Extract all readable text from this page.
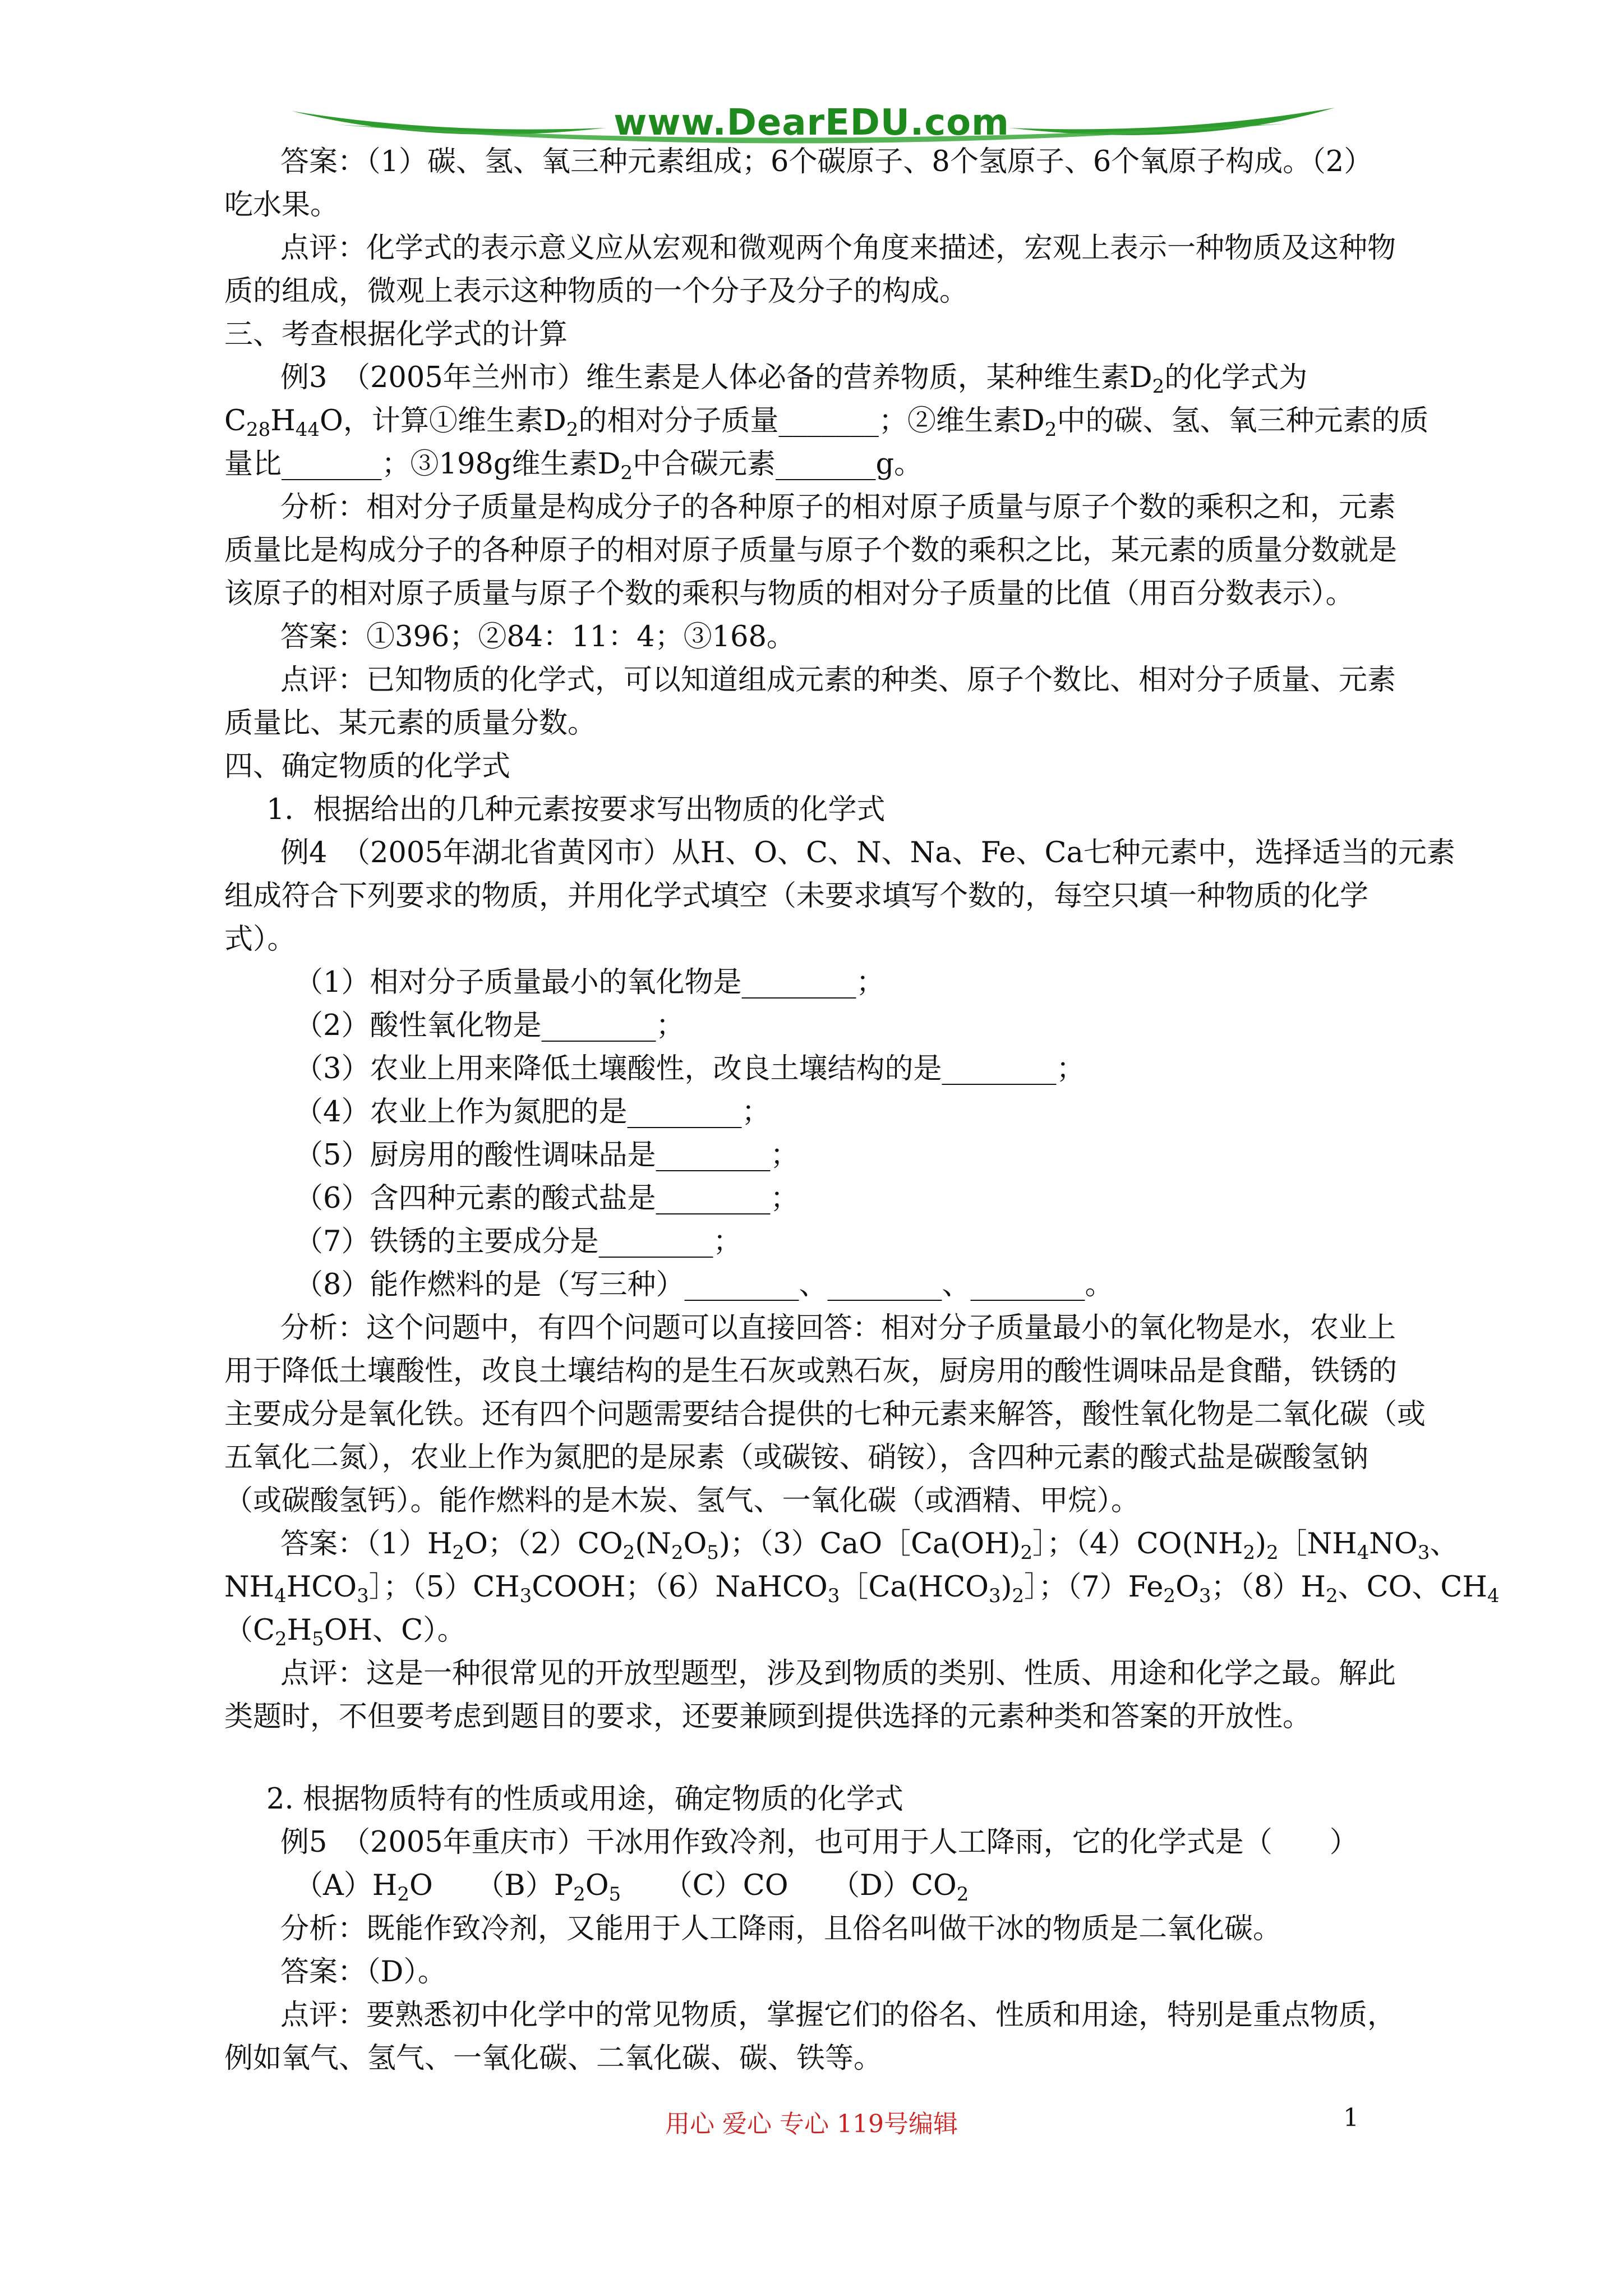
www.DearEDU.com

答案：（1）碳、氢、氧三种元素组成；6个碳原子、8个氢原子、6个氧原子构成。（2）

吃水果。

点评：化学式的表示意义应从宏观和微观两个角度来描述，宏观上表示一种物质及这种物

质的组成，微观上表示这种物质的一个分子及分子的构成。

三、考查根据化学式的计算

例3　（2005年兰州市）维生素是人体必备的营养物质，某种维生素$D_2$的化学式为

$C_{28}H_{44}O$，计算①维生素$D_2$的相对分子质量_______；②维生素$D_2$中的碳、氢、氧三种元素的质

量比_______；③198g维生素$D_2$中合碳元素_______g。

分析：相对分子质量是构成分子的各种原子的相对原子质量与原子个数的乘积之和，元素

质量比是构成分子的各种原子的相对原子质量与原子个数的乘积之比，某元素的质量分数就是

该原子的相对原子质量与原子个数的乘积与物质的相对分子质量的比值（用百分数表示）。

答案：①396；②84：11：4；③168。

点评：已知物质的化学式，可以知道组成元素的种类、原子个数比、相对分子质量、元素

质量比、某元素的质量分数。

四、确定物质的化学式

1．根据给出的几种元素按要求写出物质的化学式

例4　（2005年湖北省黄冈市）从H、O、C、N、Na、Fe、Ca七种元素中，选择适当的元素

组成符合下列要求的物质，并用化学式填空（未要求填写个数的，每空只填一种物质的化学

式）。

（1）相对分子质量最小的氧化物是________；

（2）酸性氧化物是________；

（3）农业上用来降低土壤酸性，改良土壤结构的是________；

（4）农业上作为氮肥的是________；

（5）厨房用的酸性调味品是________；

（6）含四种元素的酸式盐是________；

（7）铁锈的主要成分是________；

（8）能作燃料的是（写三种）________、________、________。

分析：这个问题中，有四个问题可以直接回答：相对分子质量最小的氧化物是水，农业上

用于降低土壤酸性，改良土壤结构的是生石灰或熟石灰，厨房用的酸性调味品是食醋，铁锈的

主要成分是氧化铁。还有四个问题需要结合提供的七种元素来解答，酸性氧化物是二氧化碳（或

五氧化二氮），农业上作为氮肥的是尿素（或碳铵、硝铵），含四种元素的酸式盐是碳酸氢钠

（或碳酸氢钙）。能作燃料的是木炭、氢气、一氧化碳（或酒精、甲烷）。

答案：$(1)H_2O$；$(2)CO_2(N_2O_5)$；$(3)CaO[Ca(OH)_2]$；$(4)CO(NH_2)_2[NH_4NO_3$、

$NH_4HCO_3]$；$(5)CH_3COOH$；$(6)NaHCO_3[Ca(HCO_3)_2]$；$(7)Fe_2O_3$；$(8)H_2$、CO、$CH_4$

（$C_2H_5OH$、C）。

点评：这是一种很常见的开放型题型，涉及到物质的类别、性质、用途和化学之最。解此

类题时，不但要考虑到题目的要求，还要兼顾到提供选择的元素种类和答案的开放性。

2. 根据物质特有的性质或用途，确定物质的化学式

例5　（2005年重庆市）干冰用作致冷剂，也可用于人工降雨，它的化学式是（　　）

$(A)H_2O$　　$(B)P_2O_5$　　（C）CO　　$(D)CO_2$

分析：既能作致冷剂，又能用于人工降雨，且俗名叫做干冰的物质是二氧化碳。

答案：（D）。

点评：要熟悉初中化学中的常见物质，掌握它们的俗名、性质和用途，特别是重点物质，

例如氧气、氢气、一氧化碳、二氧化碳、碳、铁等。

用心 爱心 专心 119号编辑	1
